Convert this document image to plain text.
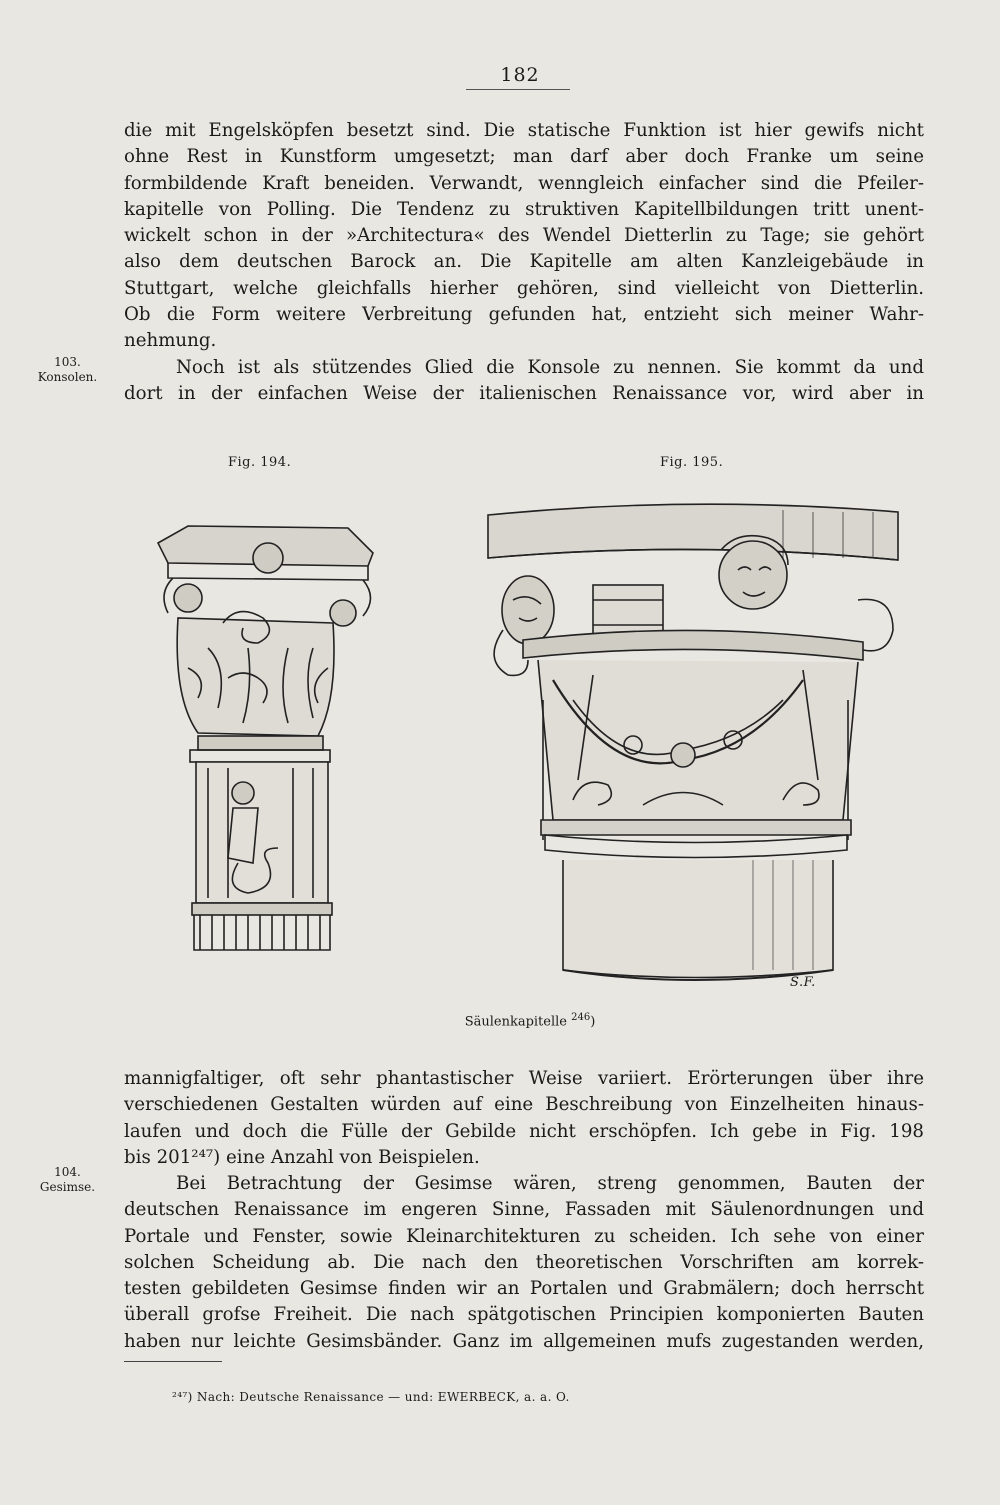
182
die mit Engelsköpfen besetzt sind. Die statische Funktion ist hier gewifs nicht
ohne Rest in Kunstform umgesetzt; man darf aber doch Franke um seine
formbildende Kraft beneiden. Verwandt, wenngleich einfacher sind die Pfeiler-
kapitelle von Polling. Die Tendenz zu struktiven Kapitellbildungen tritt unent-
wickelt schon in der »Architectura« des Wendel Dietterlin zu Tage; sie gehört
also dem deutschen Barock an. Die Kapitelle am alten Kanzleigebäude in
Stuttgart, welche gleichfalls hierher gehören, sind vielleicht von Dietterlin.
Ob die Form weitere Verbreitung gefunden hat, entzieht sich meiner Wahr-
nehmung.
103.
Konsolen.	Noch ist als stützendes Glied die Konsole zu nennen. Sie kommt da und
dort in der einfachen Weise der italienischen Renaissance vor, wird aber in
Fig. 194.	Fig. 195.
S.F.
Säulenkapitelle $^{246}$)
mannigfaltiger, oft sehr phantastischer Weise variiert. Erörterungen über ihre
verschiedenen Gestalten würden auf eine Beschreibung von Einzelheiten hinaus-
laufen und doch die Fülle der Gebilde nicht erschöpfen. Ich gebe in Fig. 198
bis 201²⁴⁷) eine Anzahl von Beispielen.
104.
Gesimse.	Bei Betrachtung der Gesimse wären, streng genommen, Bauten der
deutschen Renaissance im engeren Sinne, Fassaden mit Säulenordnungen und
Portale und Fenster, sowie Kleinarchitekturen zu scheiden. Ich sehe von einer
solchen Scheidung ab. Die nach den theoretischen Vorschriften am korrek-
testen gebildeten Gesimse finden wir an Portalen und Grabmälern; doch herrscht
überall grofse Freiheit. Die nach spätgotischen Principien komponierten Bauten
haben nur leichte Gesimsbänder. Ganz im allgemeinen mufs zugestanden werden,
²⁴⁷) Nach: Deutsche Renaissance — und: EWERBECK, a. a. O.
